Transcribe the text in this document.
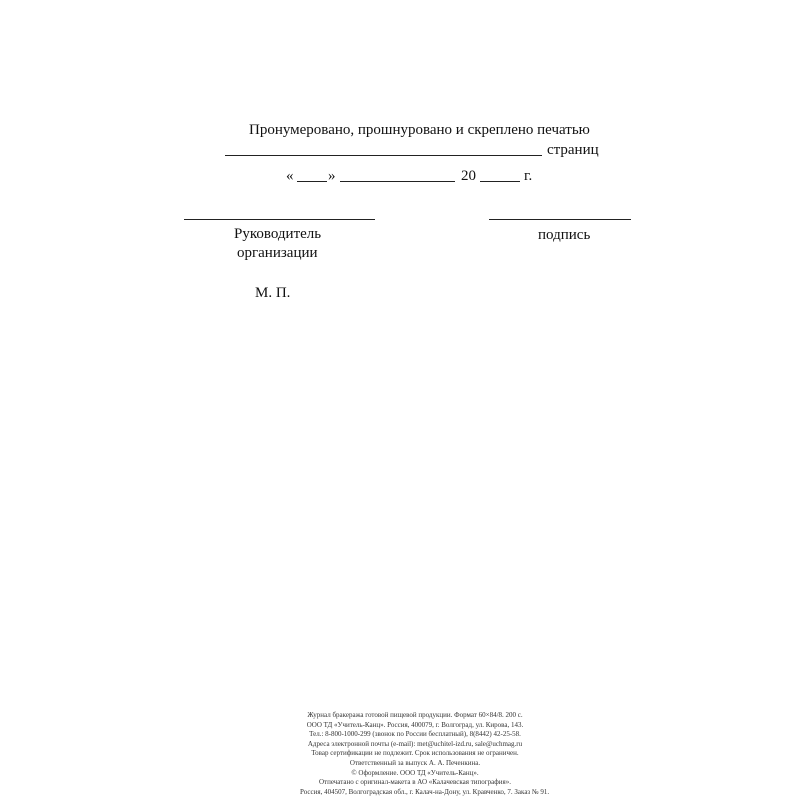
Пронумеровано, прошнуровано и скреплено печатью
страниц
« »	20	г.
Руководитель
организации
подпись
М. П.
Журнал бракеража готовой пищевой продукции. Формат 60×84/8. 200 с.
ООО ТД «Учитель-Канц». Россия, 400079, г. Волгоград, ул. Кирова, 143.
Тел.: 8-800-1000-299 (звонок по России бесплатный), 8(8442) 42-25-58.
Адреса электронной почты (e-mail): met@uchitel-izd.ru, sale@uchmag.ru
Товар сертификации не подлежит. Срок использования не ограничен.
Ответственный за выпуск А. А. Печенкина.
© Оформление. ООО ТД «Учитель-Канц».
Отпечатано с оригинал-макета в АО «Калачевская типография».
Россия, 404507, Волгоградская обл., г. Калач-на-Дону, ул. Кравченко, 7. Заказ № 91.
